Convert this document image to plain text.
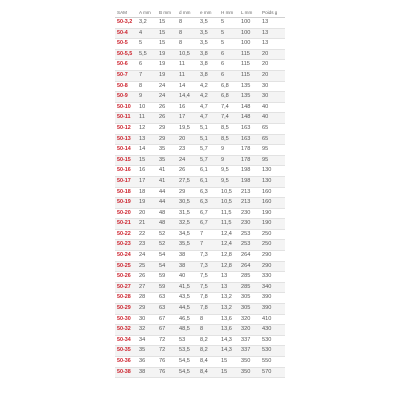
SAM	A mm	B mm	d mm	e mm	H mm	L mm	Poids g
50-3,2	3,2	15	8	3,5	5	100	13
50-4	4	15	8	3,5	5	100	13
50-5	5	15	8	3,5	5	100	13
50-5,5	5,5	19	10,5	3,8	6	115	20
50-6	6	19	11	3,8	6	115	20
50-7	7	19	11	3,8	6	115	20
50-8	8	24	14	4,2	6,8	135	30
50-9	9	24	14,4	4,2	6,8	135	30
50-10	10	26	16	4,7	7,4	148	40
50-11	11	26	17	4,7	7,4	148	40
50-12	12	29	19,5	5,1	8,5	163	65
50-13	13	29	20	5,1	8,5	163	65
50-14	14	35	23	5,7	9	178	95
50-15	15	35	24	5,7	9	178	95
50-16	16	41	26	6,1	9,5	198	130
50-17	17	41	27,5	6,1	9,5	198	130
50-18	18	44	29	6,3	10,5	213	160
50-19	19	44	30,5	6,3	10,5	213	160
50-20	20	48	31,5	6,7	11,5	230	190
50-21	21	48	32,5	6,7	11,5	230	190
50-22	22	52	34,5	7	12,4	253	250
50-23	23	52	35,5	7	12,4	253	250
50-24	24	54	38	7,3	12,8	264	290
50-25	25	54	38	7,3	12,8	264	290
50-26	26	59	40	7,5	13	285	330
50-27	27	59	41,5	7,5	13	285	340
50-28	28	63	43,5	7,8	13,2	305	390
50-29	29	63	44,5	7,8	13,2	305	390
50-30	30	67	46,5	8	13,6	320	410
50-32	32	67	48,5	8	13,6	320	430
50-34	34	72	53	8,2	14,3	337	530
50-35	35	72	53,5	8,2	14,3	337	530
50-36	36	76	54,5	8,4	15	350	550
50-38	38	76	54,5	8,4	15	350	570
